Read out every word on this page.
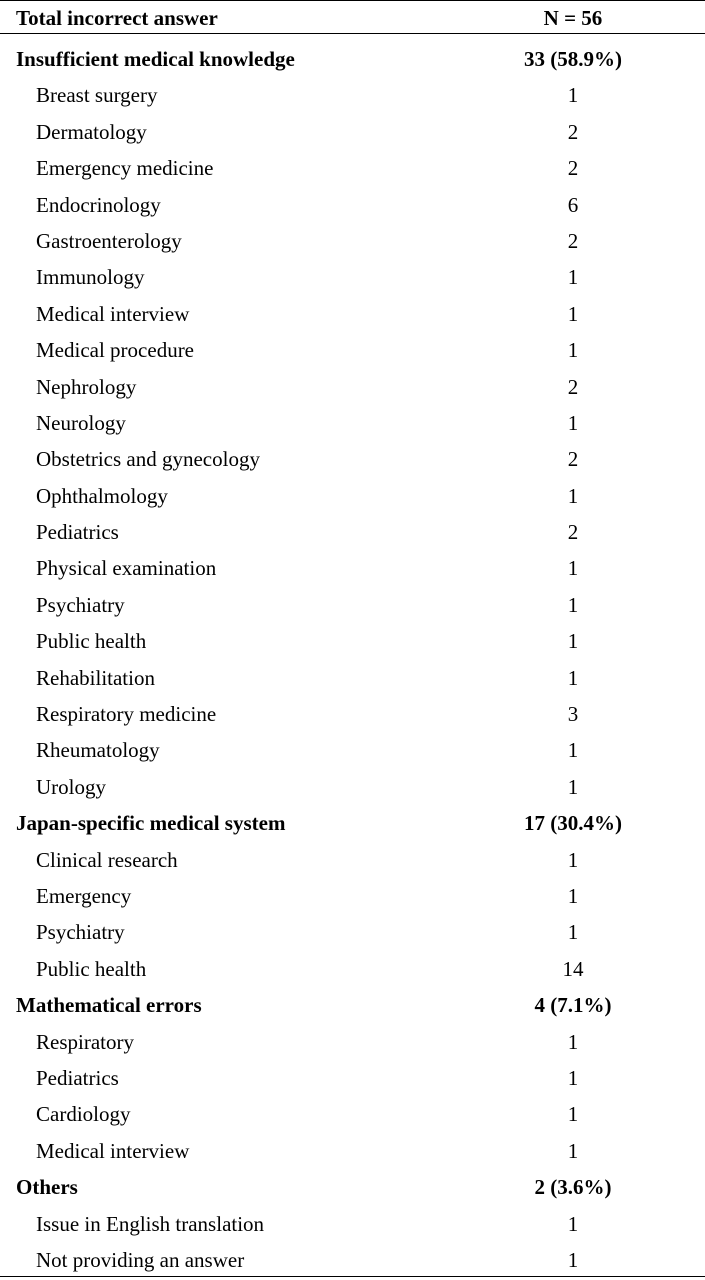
Total incorrect answer	N = 56
Insufficient medical knowledge	33 (58.9%)
Breast surgery	1
Dermatology	2
Emergency medicine	2
Endocrinology	6
Gastroenterology	2
Immunology	1
Medical interview	1
Medical procedure	1
Nephrology	2
Neurology	1
Obstetrics and gynecology	2
Ophthalmology	1
Pediatrics	2
Physical examination	1
Psychiatry	1
Public health	1
Rehabilitation	1
Respiratory medicine	3
Rheumatology	1
Urology	1
Japan-specific medical system	17 (30.4%)
Clinical research	1
Emergency	1
Psychiatry	1
Public health	14
Mathematical errors	4 (7.1%)
Respiratory	1
Pediatrics	1
Cardiology	1
Medical interview	1
Others	2 (3.6%)
Issue in English translation	1
Not providing an answer	1
